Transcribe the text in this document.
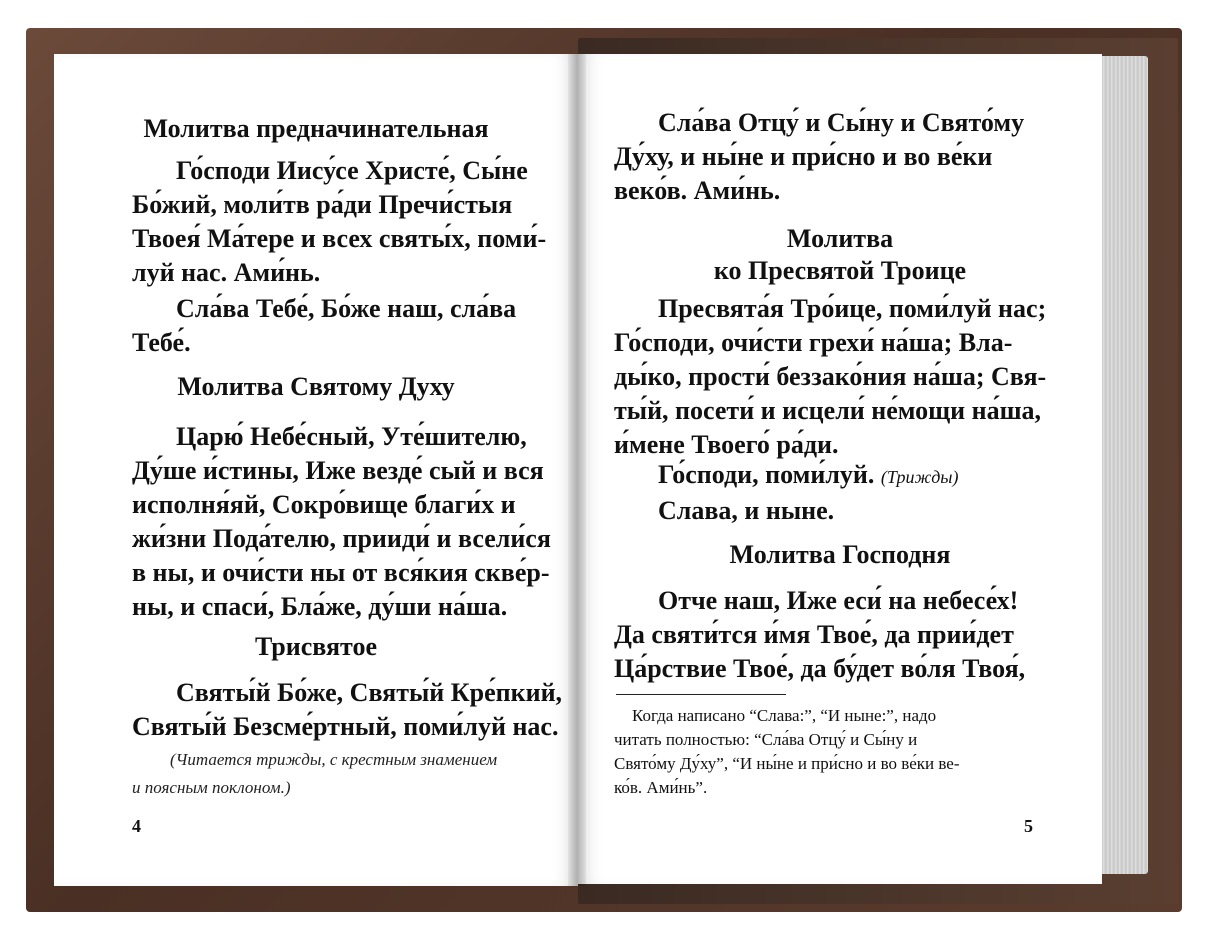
Молитва предначинательная
Го́споди Иису́се Христе́, Сы́не
Бо́жий, моли́тв ра́ди Пречи́стыя
Твоея́ Ма́тере и всех святы́х, поми́-
луй нас. Ами́нь.
Сла́ва Тебе́, Бо́же наш, сла́ва
Тебе́.
Молитва Святому Духу
Царю́ Небе́сный, Уте́шителю,
Ду́ше и́стины, Иже везде́ сый и вся
исполня́яй, Сокро́вище благи́х и
жи́зни Пода́телю, прииди́ и всели́ся
в ны, и очи́сти ны от вся́кия скве́р-
ны, и спаси́, Бла́же, ду́ши на́ша.
Трисвятое
Святы́й Бо́же, Святы́й Кре́пкий,
Святы́й Безсме́ртный, поми́луй нас.
(Читается трижды, с крестным знамением
и поясным поклоном.)
4
Сла́ва Отцу́ и Сы́ну и Свято́му
Ду́ху, и ны́не и при́сно и во ве́ки
веко́в. Ами́нь.
Молитва
ко Пресвятой Троице
Пресвята́я Тро́ице, поми́луй нас;
Го́споди, очи́сти грехи́ на́ша; Вла-
ды́ко, прости́ беззако́ния на́ша; Свя-
ты́й, посети́ и исцели́ не́мощи на́ша,
и́мене Твоего́ ра́ди.
Го́споди, поми́луй. (Трижды)
Слава, и ныне.
Молитва Господня
Отче наш, Иже еси́ на небесе́х!
Да святи́тся и́мя Твое́, да прии́дет
Ца́рствие Твое́, да бу́дет во́ля Твоя́,
Когда написано “Слава:”, “И ныне:”, надо
читать полностью: “Сла́ва Отцу́ и Сы́ну и
Свято́му Ду́ху”, “И ны́не и при́сно и во ве́ки ве-
ко́в. Ами́нь”.
5
